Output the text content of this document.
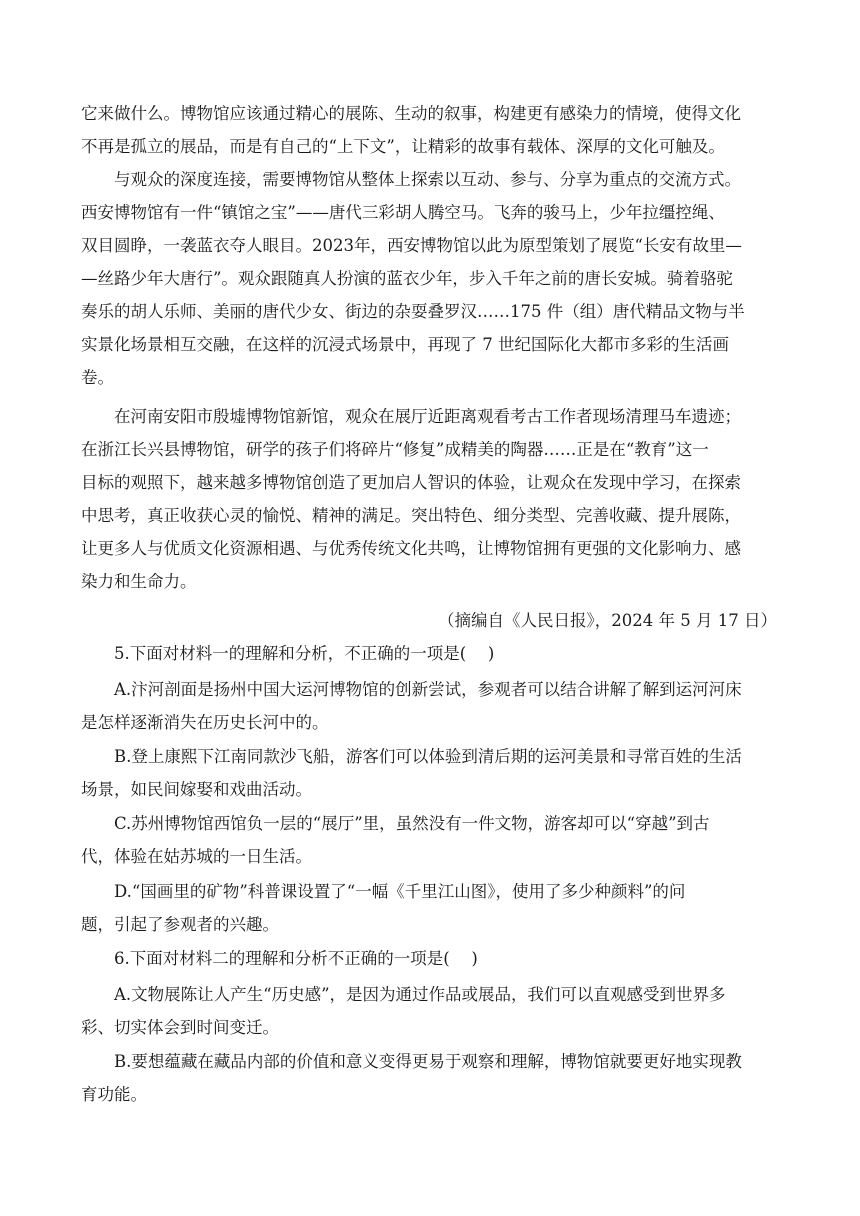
它来做什么。博物馆应该通过精心的展陈、生动的叙事，构建更有感染力的情境，使得文化
不再是孤立的展品，而是有自己的“上下文”，让精彩的故事有载体、深厚的文化可触及。
　　与观众的深度连接，需要博物馆从整体上探索以互动、参与、分享为重点的交流方式。
西安博物馆有一件“镇馆之宝”——唐代三彩胡人腾空马。飞奔的骏马上，少年拉缰控绳、
双目圆睁，一袭蓝衣夺人眼目。2023年，西安博物馆以此为原型策划了展览“长安有故里—
—丝路少年大唐行”。观众跟随真人扮演的蓝衣少年，步入千年之前的唐长安城。骑着骆驼
奏乐的胡人乐师、美丽的唐代少女、街边的杂耍叠罗汉……175 件（组）唐代精品文物与半
实景化场景相互交融，在这样的沉浸式场景中，再现了 7 世纪国际化大都市多彩的生活画
卷。
　　在河南安阳市殷墟博物馆新馆，观众在展厅近距离观看考古工作者现场清理马车遗迹；
在浙江长兴县博物馆，研学的孩子们将碎片“修复”成精美的陶器……正是在“教育”这一
目标的观照下，越来越多博物馆创造了更加启人智识的体验，让观众在发现中学习，在探索
中思考，真正收获心灵的愉悦、精神的满足。突出特色、细分类型、完善收藏、提升展陈，
让更多人与优质文化资源相遇、与优秀传统文化共鸣，让博物馆拥有更强的文化影响力、感
染力和生命力。
（摘编自《人民日报》，2024 年 5 月 17 日）
　　5.下面对材料一的理解和分析，不正确的一项是(　 )
　　A.汴河剖面是扬州中国大运河博物馆的创新尝试，参观者可以结合讲解了解到运河河床
是怎样逐渐消失在历史长河中的。
　　B.登上康熙下江南同款沙飞船，游客们可以体验到清后期的运河美景和寻常百姓的生活
场景，如民间嫁娶和戏曲活动。
　　C.苏州博物馆西馆负一层的“展厅”里，虽然没有一件文物，游客却可以“穿越”到古
代，体验在姑苏城的一日生活。
　　D.“国画里的矿物”科普课设置了“一幅《千里江山图》，使用了多少种颜料”的问
题，引起了参观者的兴趣。
　　6.下面对材料二的理解和分析不正确的一项是(　 )
　　A.文物展陈让人产生“历史感”，是因为通过作品或展品，我们可以直观感受到世界多
彩、切实体会到时间变迁。
　　B.要想蕴藏在藏品内部的价值和意义变得更易于观察和理解，博物馆就要更好地实现教
育功能。
